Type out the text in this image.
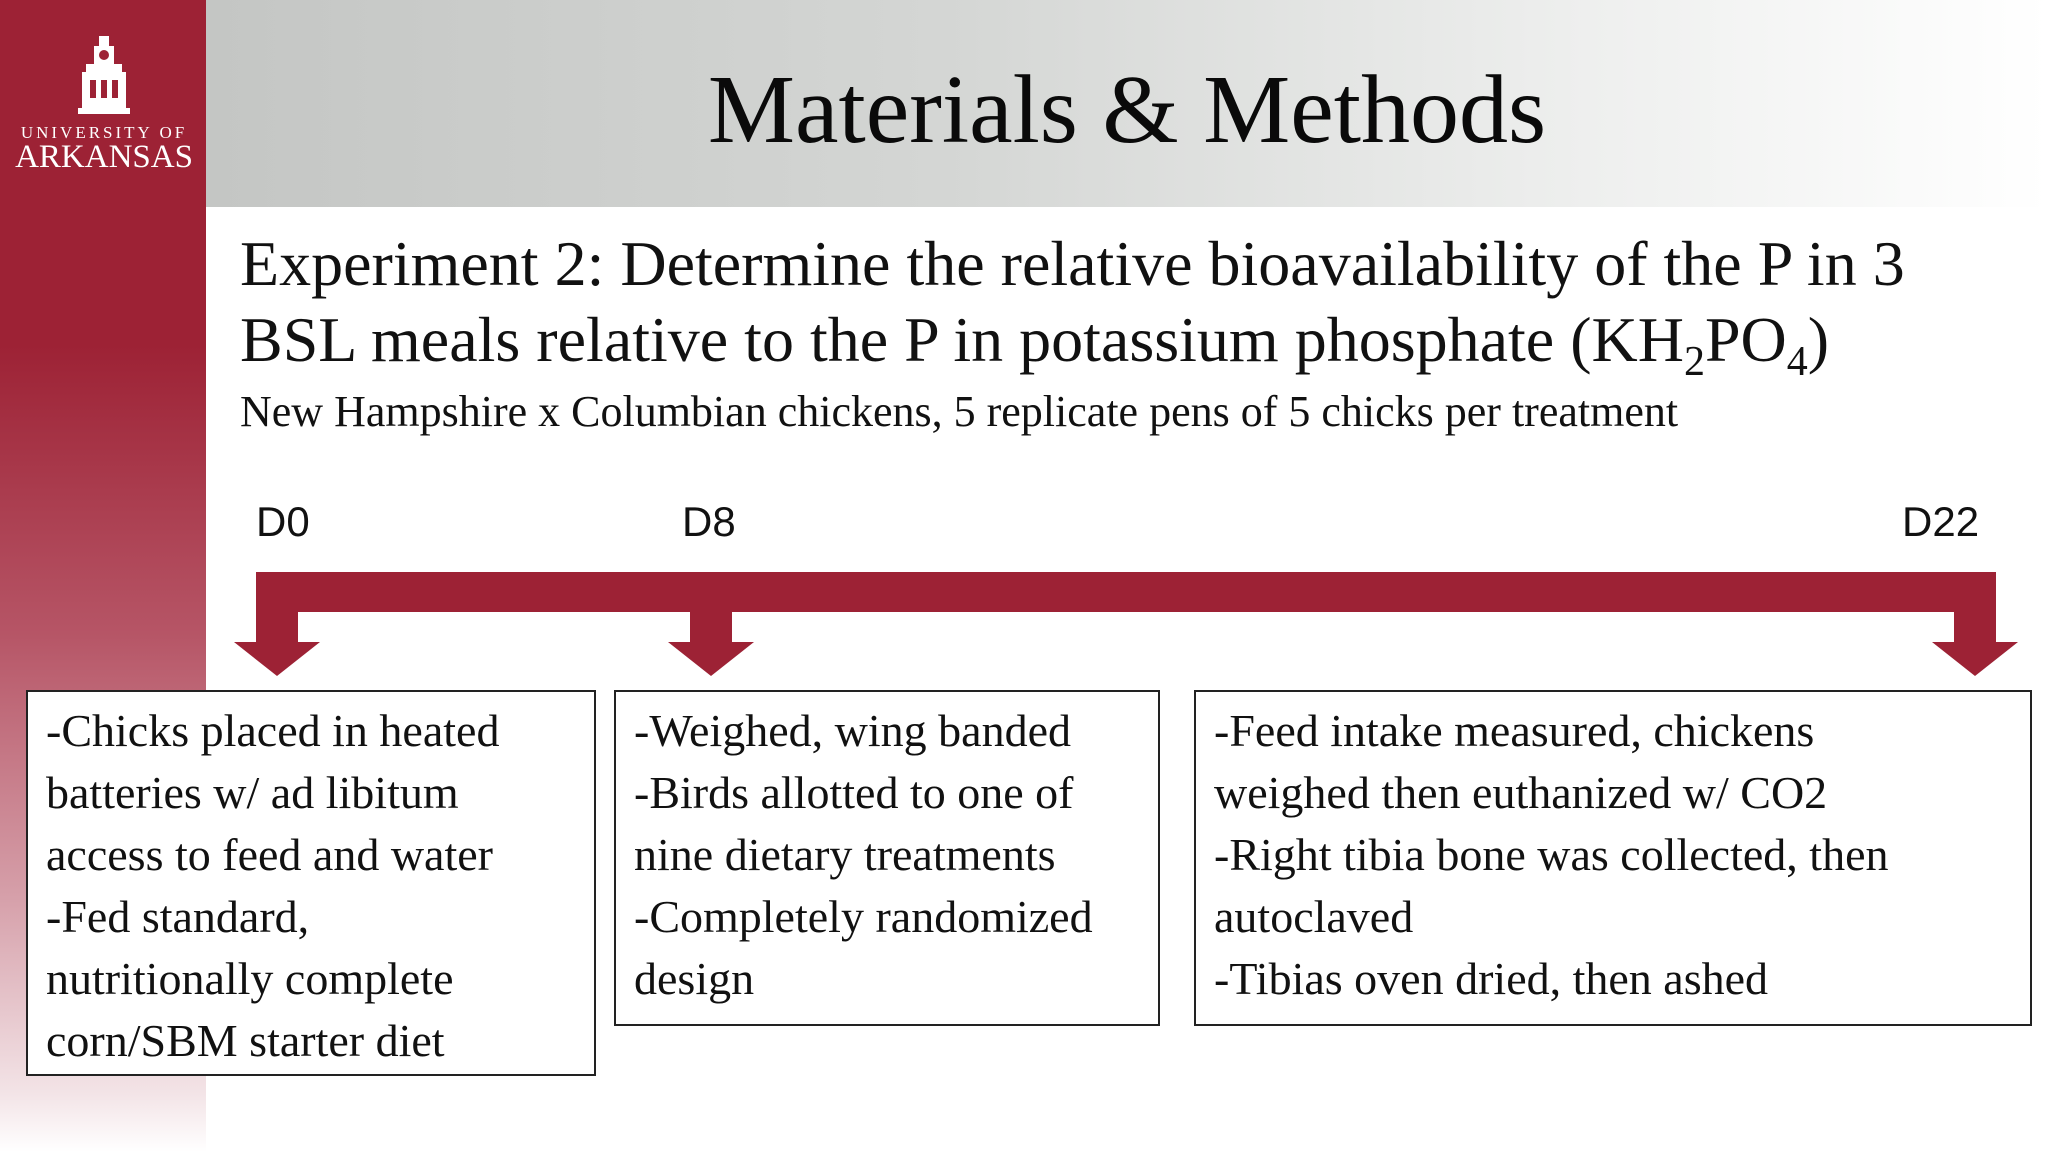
UNIVERSITY OF
ARKANSAS	Materials & Methods
Experiment 2: Determine the relative bioavailability of the P in 3 BSL meals relative to the P in potassium phosphate $(KH_2PO_4)$
New Hampshire x Columbian chickens, 5 replicate pens of 5 chicks per treatment
D0	D8	D22
-Chicks placed in heated
batteries w/ ad libitum
access to feed and water
-Fed standard,
nutritionally complete
corn/SBM starter diet
-Weighed, wing banded
-Birds allotted to one of
nine dietary treatments
-Completely randomized
design
-Feed intake measured, chickens
weighed then euthanized w/ CO2
-Right tibia bone was collected, then
autoclaved
-Tibias oven dried, then ashed
